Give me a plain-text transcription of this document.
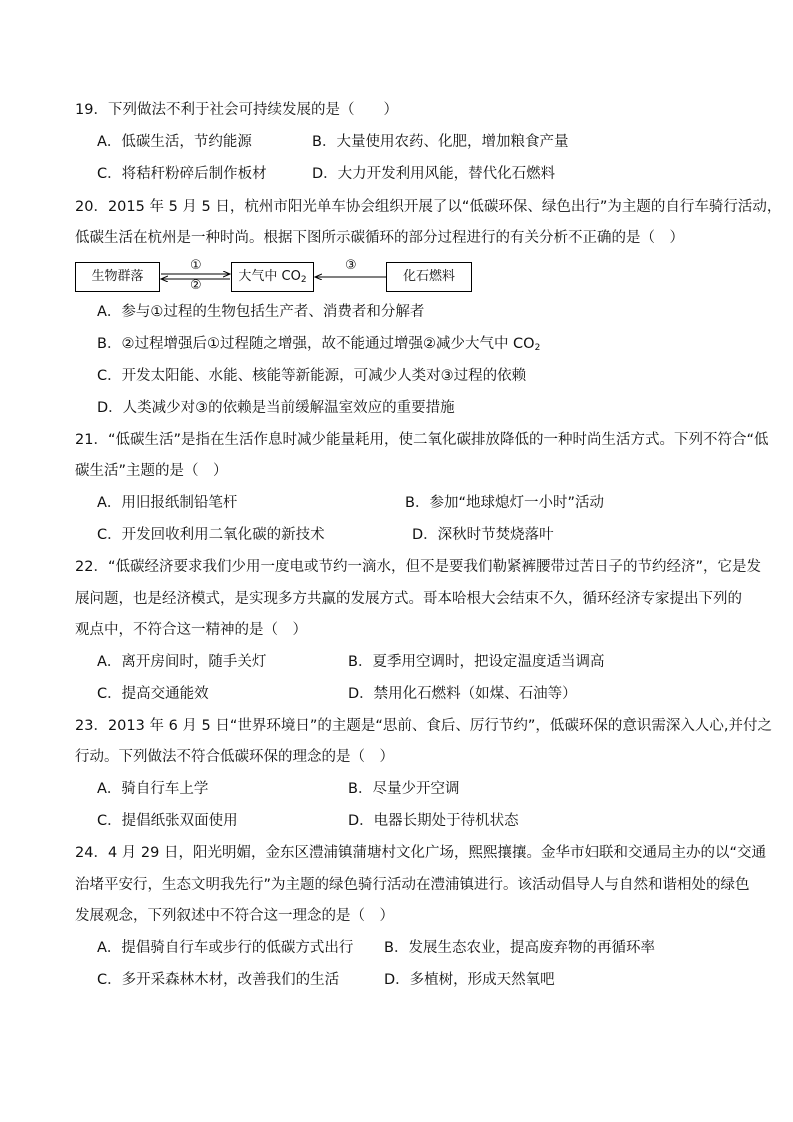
19．下列做法不利于社会可持续发展的是（　　）
A．低碳生活，节约能源	B．大量使用农药、化肥，增加粮食产量
C．将秸秆粉碎后制作板材	D．大力开发利用风能，替代化石燃料
20．2015 年 5 月 5 日，杭州市阳光单车协会组织开展了以“低碳环保、绿色出行”为主题的自行车骑行活动，
低碳生活在杭州是一种时尚。根据下图所示碳循环的部分过程进行的有关分析不正确的是（　）
生物群落	大气中 $CO_2$	化石燃料
①
②
③
A．参与①过程的生物包括生产者、消费者和分解者
B．②过程增强后①过程随之增强，故不能通过增强②减少大气中 $CO_2$
C．开发太阳能、水能、核能等新能源，可减少人类对③过程的依赖
D．人类减少对③的依赖是当前缓解温室效应的重要措施
21．“低碳生活”是指在生活作息时减少能量耗用，使二氧化碳排放降低的一种时尚生活方式。下列不符合“低
碳生活”主题的是（　）
A．用旧报纸制铅笔杆	B．参加“地球熄灯一小时”活动
C．开发回收利用二氧化碳的新技术	D．深秋时节焚烧落叶
22．“低碳经济要求我们少用一度电或节约一滴水，但不是要我们勒紧裤腰带过苦日子的节约经济”，它是发
展问题，也是经济模式，是实现多方共赢的发展方式。哥本哈根大会结束不久，循环经济专家提出下列的
观点中，不符合这一精神的是（　）
A．离开房间时，随手关灯	B．夏季用空调时，把设定温度适当调高
C．提高交通能效	D．禁用化石燃料（如煤、石油等）
23．2013 年 6 月 5 日“世界环境日”的主题是“思前、食后、厉行节约”，低碳环保的意识需深入人心,并付之
行动。下列做法不符合低碳环保的理念的是（　）
A．骑自行车上学	B．尽量少开空调
C．提倡纸张双面使用	D．电器长期处于待机状态
24．4 月 29 日，阳光明媚，金东区澧浦镇蒲塘村文化广场，熙熙攘攘。金华市妇联和交通局主办的以“交通
治堵平安行，生态文明我先行”为主题的绿色骑行活动在澧浦镇进行。该活动倡导人与自然和谐相处的绿色
发展观念，下列叙述中不符合这一理念的是（　）
A．提倡骑自行车或步行的低碳方式出行 B．发展生态农业，提高废弃物的再循环率
C．多开采森林木材，改善我们的生活	D．多植树，形成天然氧吧
